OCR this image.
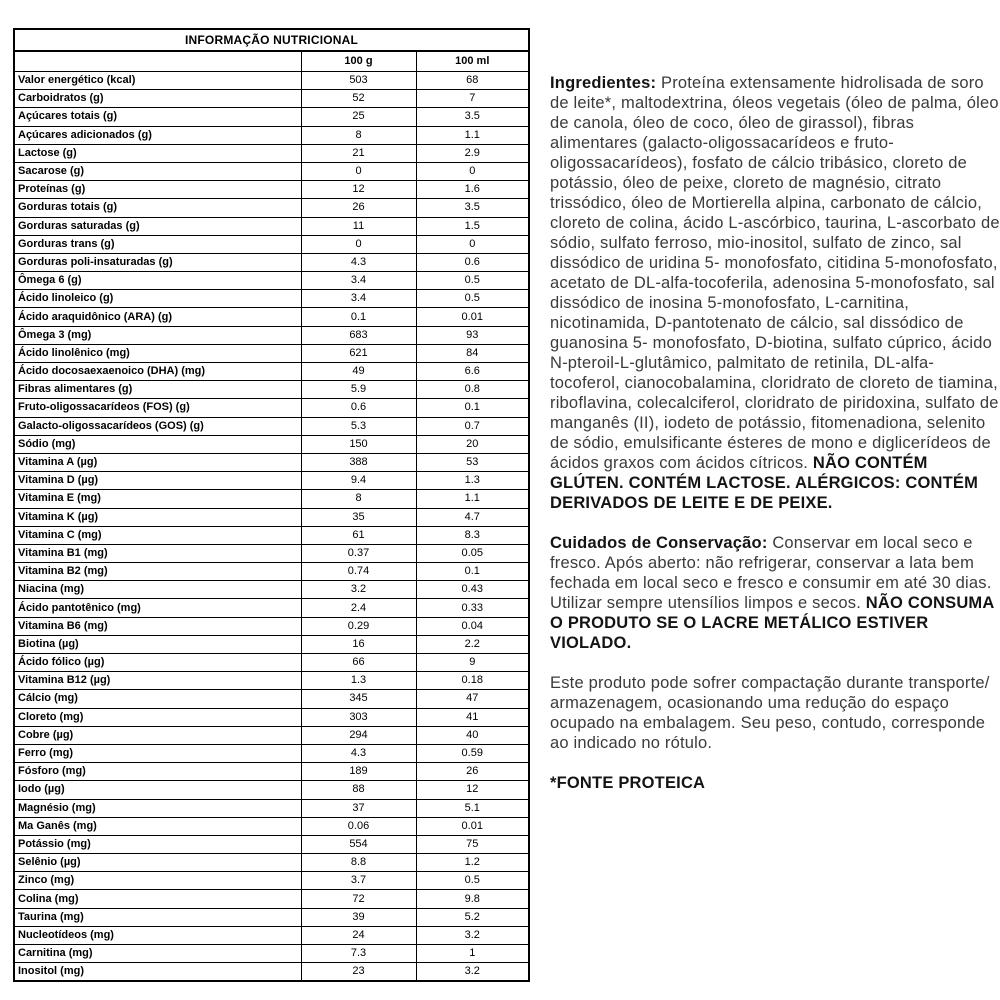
INFORMAÇÃO NUTRICIONAL		
	100 g	100 ml
Valor energético (kcal)	503	68
Carboidratos (g)	52	7
Açúcares totais (g)	25	3.5
Açúcares adicionados (g)	8	1.1
Lactose (g)	21	2.9
Sacarose (g)	0	0
Proteínas (g)	12	1.6
Gorduras totais (g)	26	3.5
Gorduras saturadas (g)	11	1.5
Gorduras trans (g)	0	0
Gorduras poli-insaturadas (g)	4.3	0.6
Ômega 6 (g)	3.4	0.5
Ácido linoleico (g)	3.4	0.5
Ácido araquidônico (ARA) (g)	0.1	0.01
Ômega 3 (mg)	683	93
Ácido linolênico (mg)	621	84
Ácido docosaexaenoico (DHA) (mg)	49	6.6
Fibras alimentares (g)	5.9	0.8
Fruto-oligossacarídeos (FOS) (g)	0.6	0.1
Galacto-oligossacarídeos (GOS) (g)	5.3	0.7
Sódio (mg)	150	20
Vitamina A (µg)	388	53
Vitamina D (µg)	9.4	1.3
Vitamina E (mg)	8	1.1
Vitamina K (µg)	35	4.7
Vitamina C (mg)	61	8.3
Vitamina B1 (mg)	0.37	0.05
Vitamina B2 (mg)	0.74	0.1
Niacina (mg)	3.2	0.43
Ácido pantotênico (mg)	2.4	0.33
Vitamina B6 (mg)	0.29	0.04
Biotina (µg)	16	2.2
Ácido fólico (µg)	66	9
Vitamina B12 (µg)	1.3	0.18
Cálcio (mg)	345	47
Cloreto (mg)	303	41
Cobre (µg)	294	40
Ferro (mg)	4.3	0.59
Fósforo (mg)	189	26
Iodo (µg)	88	12
Magnésio (mg)	37	5.1
Ma Ganês (mg)	0.06	0.01
Potássio (mg)	554	75
Selênio (µg)	8.8	1.2
Zinco (mg)	3.7	0.5
Colina (mg)	72	9.8
Taurina (mg)	39	5.2
Nucleotídeos (mg)	24	3.2
Carnitina (mg)	7.3	1
Inositol (mg)	23	3.2
Ingredientes: Proteína extensamente hidrolisada de soro de leite*, maltodextrina, óleos vegetais (óleo de palma, óleo de canola, óleo de coco, óleo de girassol), fibras alimentares (galacto-oligossacarídeos e fruto-oligossacarídeos), fosfato de cálcio tribásico, cloreto de potássio, óleo de peixe, cloreto de magnésio, citrato trissódico, óleo de Mortierella alpina, carbonato de cálcio, cloreto de colina, ácido L-ascórbico, taurina, L-ascorbato de sódio, sulfato ferroso, mio-inositol, sulfato de zinco, sal dissódico de uridina 5- monofosfato, citidina 5-monofosfato, acetato de DL-alfa-tocoferila, adenosina 5-monofosfato, sal dissódico de inosina 5-monofosfato, L-carnitina, nicotinamida, D-pantotenato de cálcio, sal dissódico de guanosina 5- monofosfato, D-biotina, sulfato cúprico, ácido N-pteroil-L-glutâmico, palmitato de retinila, DL-alfa-tocoferol, cianocobalamina, cloridrato de cloreto de tiamina, riboflavina, colecalciferol, cloridrato de piridoxina, sulfato de manganês (II), iodeto de potássio, fitomenadiona, selenito de sódio, emulsificante ésteres de mono e diglicerídeos de ácidos graxos com ácidos cítricos. NÃO CONTÉM GLÚTEN. CONTÉM LACTOSE. ALÉRGICOS: CONTÉM DERIVADOS DE LEITE E DE PEIXE.
Cuidados de Conservação: Conservar em local seco e fresco. Após aberto: não refrigerar, conservar a lata bem fechada em local seco e fresco e consumir em até 30 dias. Utilizar sempre utensílios limpos e secos. NÃO CONSUMA O PRODUTO SE O LACRE METÁLICO ESTIVER VIOLADO.
Este produto pode sofrer compactação durante transporte/ armazenagem, ocasionando uma redução do espaço ocupado na embalagem. Seu peso, contudo, corresponde ao indicado no rótulo.
*FONTE PROTEICA
